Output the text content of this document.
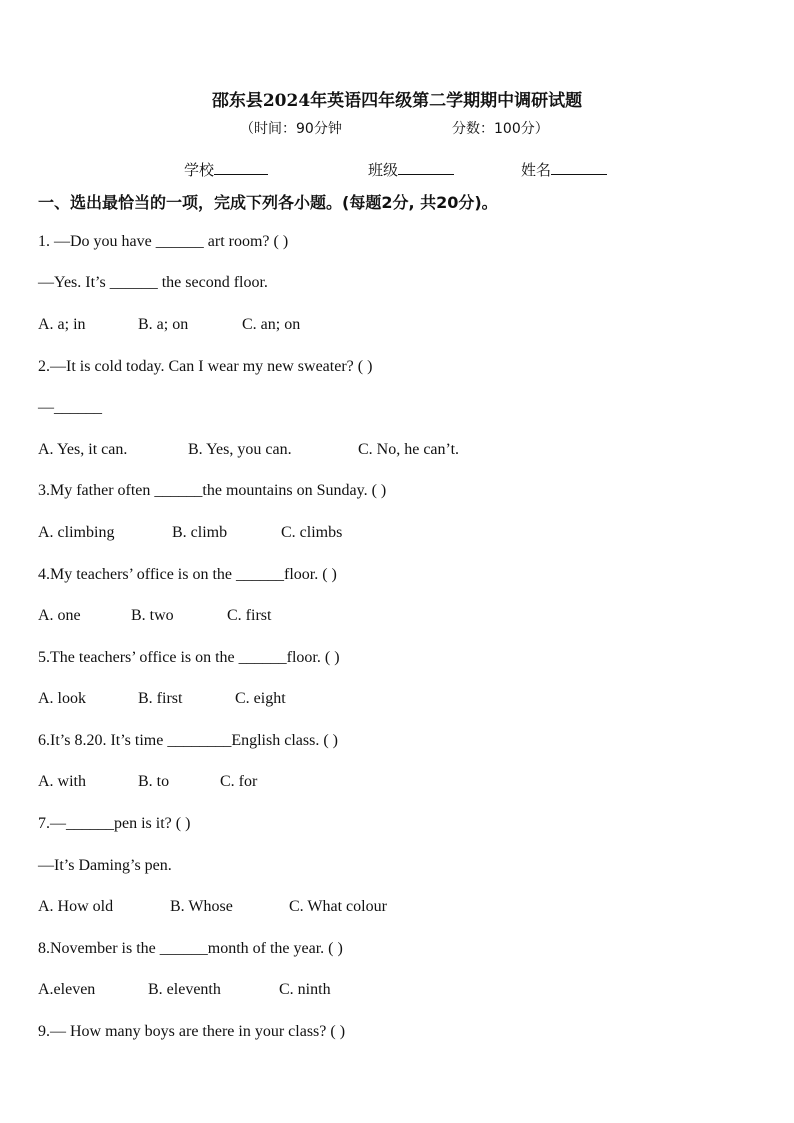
邵东县2024年英语四年级第二学期期中调研试题
（时间：90分钟	分数：100分）
学校	班级	姓名
一、选出最恰当的一项，完成下列各小题。(每题2分, 共20分)。
1. —Do you have ______ art room? ( )
—Yes. It’s ______ the second floor.
A. a; in	B. a; on	C. an; on
2.—It is cold today. Can I wear my new sweater? ( )
—______
A. Yes, it can.	B. Yes, you can.	C. No, he can’t.
3.My father often ______the mountains on Sunday. ( )
A. climbing	B. climb	C. climbs
4.My teachers’ office is on the ______floor. ( )
A. one	B. two	C. first
5.The teachers’ office is on the ______floor. ( )
A. look	B. first	C. eight
6.It’s 8.20. It’s time ________English class. ( )
A. with	B. to	C. for
7.—______pen is it? ( )
—It’s Daming’s pen.
A. How old	B. Whose	C. What colour
8.November is the ______month of the year. ( )
A.eleven	B. eleventh	C. ninth
9.— How many boys are there in your class? ( )
